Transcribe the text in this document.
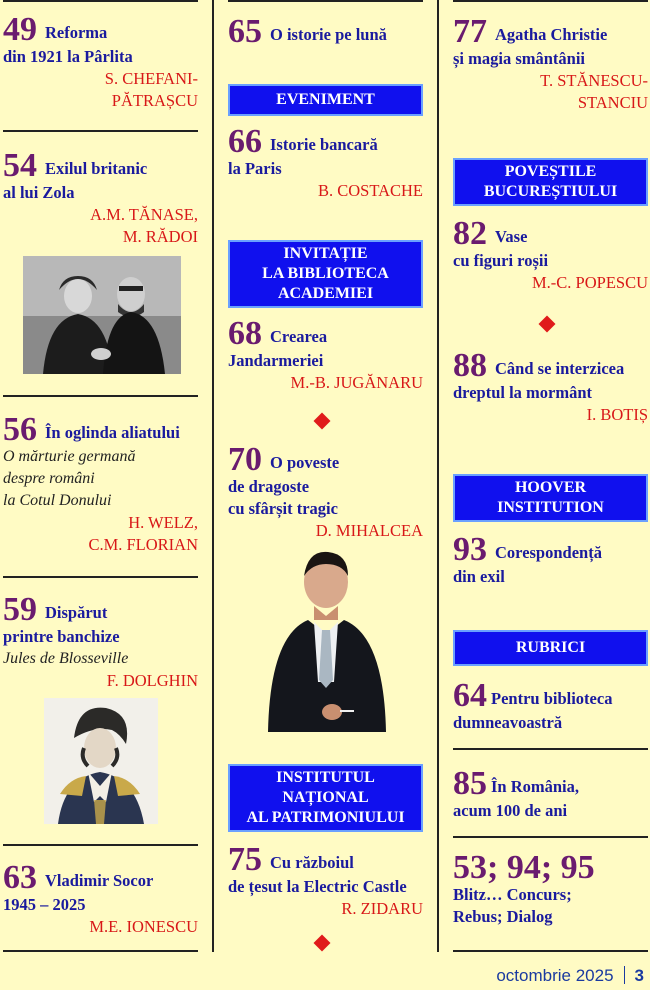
49 Reforma
din 1921 la Pârlita
S. CHEFANI-
PĂTRAȘCU
54 Exilul britanic
al lui Zola
A.M. TĂNASE,
M. RĂDOI
56 În oglinda aliatului
O mărturie germană
despre români
la Cotul Donului
H. WELZ,
C.M. FLORIAN
59 Dispărut
printre banchize
Jules de Blosseville
F. DOLGHIN
63 Vladimir Socor
1945 – 2025
M.E. IONESCU
65 O istorie pe lună
EVENIMENT
66 Istorie bancară
la Paris
B. COSTACHE
INVITAȚIE
LA BIBLIOTECA
ACADEMIEI
68 Crearea
Jandarmeriei
M.-B. JUGĂNARU
70 O poveste
de dragoste
cu sfârșit tragic
D. MIHALCEA
INSTITUTUL
NAȚIONAL
AL PATRIMONIULUI
75 Cu războiul
de țesut la Electric Castle
R. ZIDARU
77 Agatha Christie
și magia smântânii
T. STĂNESCU-
STANCIU
POVEȘTILE
BUCUREȘTIULUI
82 Vase
cu figuri roșii
M.-C. POPESCU
88 Când se interzicea
dreptul la mormânt
I. BOTIȘ
HOOVER
INSTITUTION
93 Corespondență
din exil
RUBRICI
64 Pentru biblioteca
dumneavoastră
85 În România,
acum 100 de ani
53; 94; 95
Blitz… Concurs;
Rebus; Dialog
octombrie 2025 3
